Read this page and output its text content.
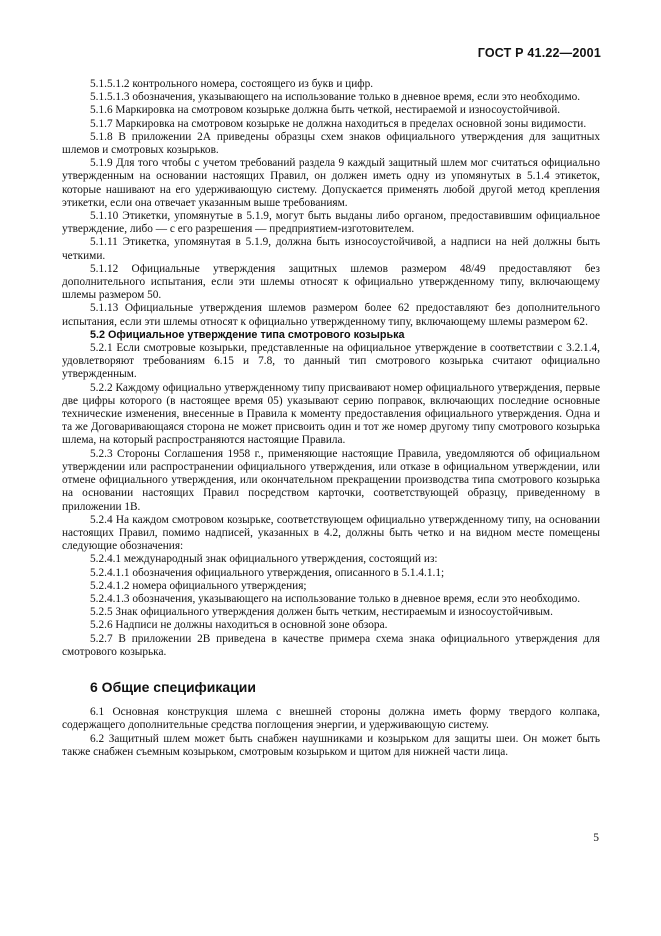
ГОСТ Р 41.22—2001

5.1.5.1.2 контрольного номера, состоящего из букв и цифр.

5.1.5.1.3 обозначения, указывающего на использование только в дневное время, если это необходимо.

5.1.6 Маркировка на смотровом козырьке должна быть четкой, нестираемой и износоустойчивой.

5.1.7 Маркировка на смотровом козырьке не должна находиться в пределах основной зоны видимости.

5.1.8 В приложении 2А приведены образцы схем знаков официального утверждения для защитных шлемов и смотровых козырьков.

5.1.9 Для того чтобы с учетом требований раздела 9 каждый защитный шлем мог считаться официально утвержденным на основании настоящих Правил, он должен иметь одну из упомянутых в 5.1.4 этикеток, которые нашивают на его удерживающую систему. Допускается применять любой другой метод крепления этикетки, если она отвечает указанным выше требованиям.

5.1.10 Этикетки, упомянутые в 5.1.9, могут быть выданы либо органом, предоставившим официальное утверждение, либо — с его разрешения — предприятием-изготовителем.

5.1.11 Этикетка, упомянутая в 5.1.9, должна быть износоустойчивой, а надписи на ней должны быть четкими.

5.1.12 Официальные утверждения защитных шлемов размером 48/49 предоставляют без дополнительного испытания, если эти шлемы относят к официально утвержденному типу, включающему шлемы размером 50.

5.1.13 Официальные утверждения шлемов размером более 62 предоставляют без дополнительного испытания, если эти шлемы относят к официально утвержденному типу, включающему шлемы размером 62.

5.2 Официальное утверждение типа смотрового козырька

5.2.1 Если смотровые козырьки, представленные на официальное утверждение в соответствии с 3.2.1.4, удовлетворяют требованиям 6.15 и 7.8, то данный тип смотрового козырька считают официально утвержденным.

5.2.2 Каждому официально утвержденному типу присваивают номер официального утверждения, первые две цифры которого (в настоящее время 05) указывают серию поправок, включающих последние основные технические изменения, внесенные в Правила к моменту предоставления официального утверждения. Одна и та же Договаривающаяся сторона не может присвоить один и тот же номер другому типу смотрового козырька шлема, на который распространяются настоящие Правила.

5.2.3 Стороны Соглашения 1958 г., применяющие настоящие Правила, уведомляются об официальном утверждении или распространении официального утверждения, или отказе в официальном утверждении, или отмене официального утверждения, или окончательном прекращении производства типа смотрового козырька на основании настоящих Правил посредством карточки, соответствующей образцу, приведенному в приложении 1В.

5.2.4 На каждом смотровом козырьке, соответствующем официально утвержденному типу, на основании настоящих Правил, помимо надписей, указанных в 4.2, должны быть четко и на видном месте помещены следующие обозначения:

5.2.4.1 международный знак официального утверждения, состоящий из:

5.2.4.1.1 обозначения официального утверждения, описанного в 5.1.4.1.1;

5.2.4.1.2 номера официального утверждения;

5.2.4.1.3 обозначения, указывающего на использование только в дневное время, если это необходимо.

5.2.5 Знак официального утверждения должен быть четким, нестираемым и износоустойчивым.

5.2.6 Надписи не должны находиться в основной зоне обзора.

5.2.7 В приложении 2В приведена в качестве примера схема знака официального утверждения для смотрового козырька.

6 Общие спецификации

6.1 Основная конструкция шлема с внешней стороны должна иметь форму твердого колпака, содержащего дополнительные средства поглощения энергии, и удерживающую систему.

6.2 Защитный шлем может быть снабжен наушниками и козырьком для защиты шеи. Он может быть также снабжен съемным козырьком, смотровым козырьком и щитом для нижней части лица.

5
